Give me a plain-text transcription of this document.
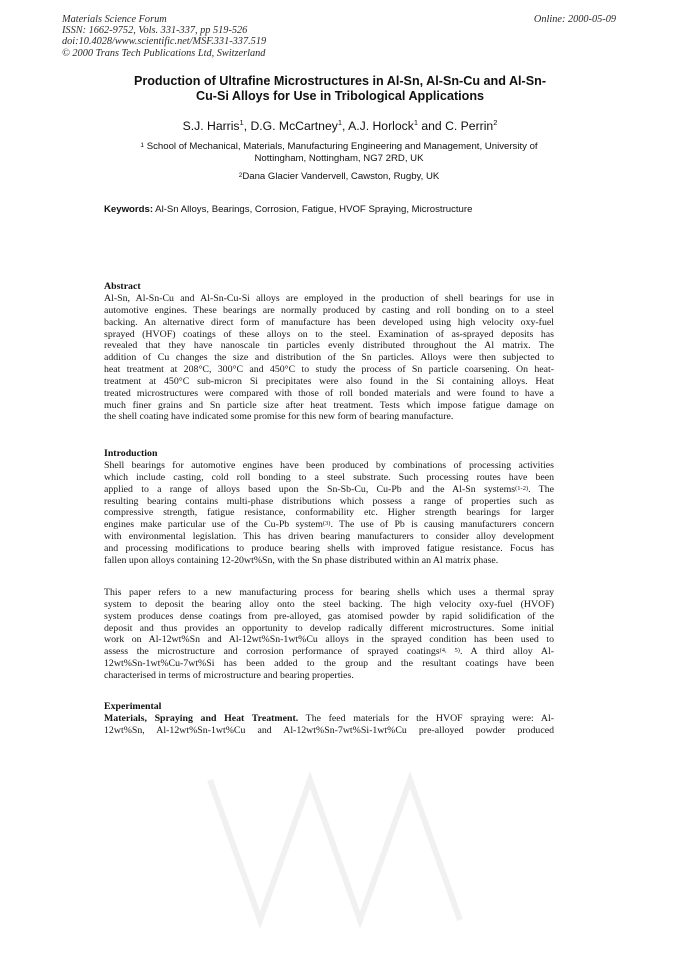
Materials Science Forum
ISSN: 1662-9752, Vols. 331-337, pp 519-526
doi:10.4028/www.scientific.net/MSF.331-337.519
© 2000 Trans Tech Publications Ltd, Switzerland
Online: 2000-05-09
Production of Ultrafine Microstructures in Al-Sn, Al-Sn-Cu and Al-Sn-
Cu-Si Alloys for Use in Tribological Applications
S.J. Harris$^1$, D.G. McCartney$^1$, A.J. Horlock$^1$ and C. Perrin$^2$
$^1$ School of Mechanical, Materials, Manufacturing Engineering and Management, University of
Nottingham, Nottingham, NG7 2RD, UK
$^2$Dana Glacier Vandervell, Cawston, Rugby, UK
Keywords: Al-Sn Alloys, Bearings, Corrosion, Fatigue, HVOF Spraying, Microstructure
Abstract
Al-Sn, Al-Sn-Cu and Al-Sn-Cu-Si alloys are employed in the production of shell bearings for use in
automotive engines. These bearings are normally produced by casting and roll bonding on to a steel
backing. An alternative direct form of manufacture has been developed using high velocity oxy-fuel
sprayed (HVOF) coatings of these alloys on to the steel. Examination of as-sprayed deposits has
revealed that they have nanoscale tin particles evenly distributed throughout the Al matrix. The
addition of Cu changes the size and distribution of the Sn particles. Alloys were then subjected to
heat treatment at 208°C, 300°C and 450°C to study the process of Sn particle coarsening. On heat-
treatment at 450°C sub-micron Si precipitates were also found in the Si containing alloys. Heat
treated microstructures were compared with those of roll bonded materials and were found to have a
much finer grains and Sn particle size after heat treatment. Tests which impose fatigue damage on
the shell coating have indicated some promise for this new form of bearing manufacture.
Introduction
Shell bearings for automotive engines have been produced by combinations of processing activities
which include casting, cold roll bonding to a steel substrate. Such processing routes have been
applied to a range of alloys based upon the Sn-Sb-Cu, Cu-Pb and the Al-Sn systems$^{(1-2)}$. The
resulting bearing contains multi-phase distributions which possess a range of properties such as
compressive strength, fatigue resistance, conformability etc. Higher strength bearings for larger
engines make particular use of the Cu-Pb system$^{(3)}$. The use of Pb is causing manufacturers concern
with environmental legislation. This has driven bearing manufacturers to consider alloy development
and processing modifications to produce bearing shells with improved fatigue resistance. Focus has
fallen upon alloys containing 12-20wt%Sn, with the Sn phase distributed within an Al matrix phase.
This paper refers to a new manufacturing process for bearing shells which uses a thermal spray
system to deposit the bearing alloy onto the steel backing. The high velocity oxy-fuel (HVOF)
system produces dense coatings from pre-alloyed, gas atomised powder by rapid solidification of the
deposit and thus provides an opportunity to develop radically different microstructures. Some initial
work on Al-12wt%Sn and Al-12wt%Sn-1wt%Cu alloys in the sprayed condition has been used to
assess the microstructure and corrosion performance of sprayed coatings$^{(4, 5)}$. A third alloy Al-
12wt%Sn-1wt%Cu-7wt%Si has been added to the group and the resultant coatings have been
characterised in terms of microstructure and bearing properties.
Experimental
Materials, Spraying and Heat Treatment. The feed materials for the HVOF spraying were: Al-
12wt%Sn, Al-12wt%Sn-1wt%Cu and Al-12wt%Sn-7wt%Si-1wt%Cu pre-alloyed powder produced
